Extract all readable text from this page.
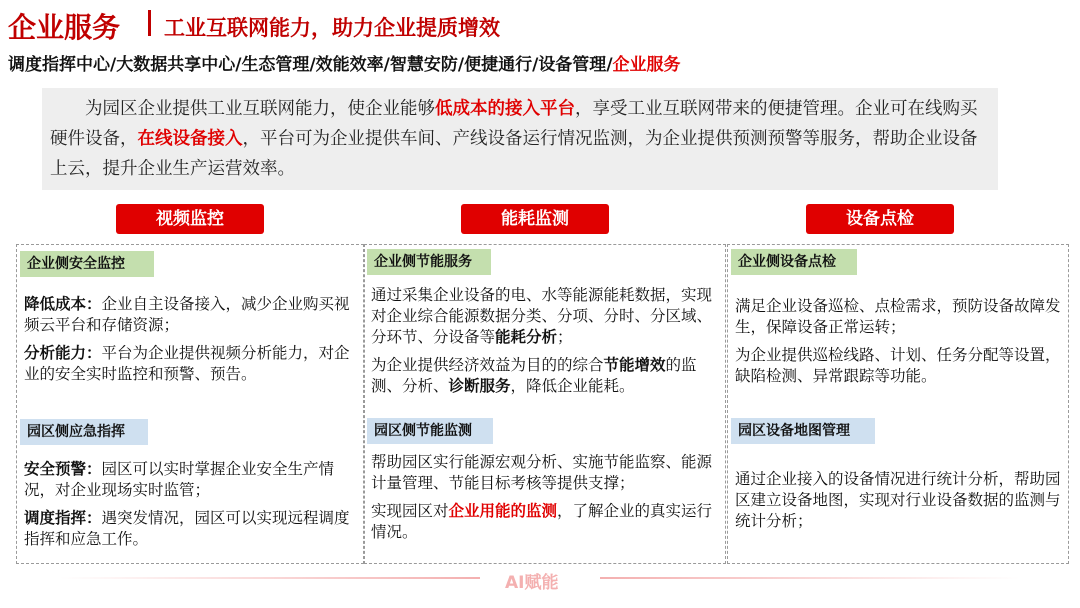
企业服务 工业互联网能力，助力企业提质增效
调度指挥中心/大数据共享中心/生态管理/效能效率/智慧安防/便捷通行/设备管理/企业服务
为园区企业提供工业互联网能力，使企业能够低成本的接入平台，享受工业互联网带来的便捷管理。企业可在线购买硬件设备，在线设备接入，平台可为企业提供车间、产线设备运行情况监测，为企业提供预测预警等服务，帮助企业设备上云，提升企业生产运营效率。
视频监控	能耗监测	设备点检
企业侧安全监控

降低成本：企业自主设备接入，减少企业购买视频云平台和存储资源；

分析能力：平台为企业提供视频分析能力，对企业的安全实时监控和预警、预告。

园区侧应急指挥

安全预警：园区可以实时掌握企业安全生产情况，对企业现场实时监管；

调度指挥：遇突发情况，园区可以实现远程调度指挥和应急工作。

企业侧节能服务

通过采集企业设备的电、水等能源能耗数据，实现对企业综合能源数据分类、分项、分时、分区域、分环节、分设备等能耗分析；

为企业提供经济效益为目的的综合节能增效的监测、分析、诊断服务，降低企业能耗。

园区侧节能监测

帮助园区实行能源宏观分析、实施节能监察、能源计量管理、节能目标考核等提供支撑；

实现园区对企业用能的监测，了解企业的真实运行情况。

企业侧设备点检

满足企业设备巡检、点检需求，预防设备故障发生，保障设备正常运转；

为企业提供巡检线路、计划、任务分配等设置，缺陷检测、异常跟踪等功能。

园区设备地图管理

通过企业接入的设备情况进行统计分析，帮助园区建立设备地图，实现对行业设备数据的监测与统计分析；

AI赋能
